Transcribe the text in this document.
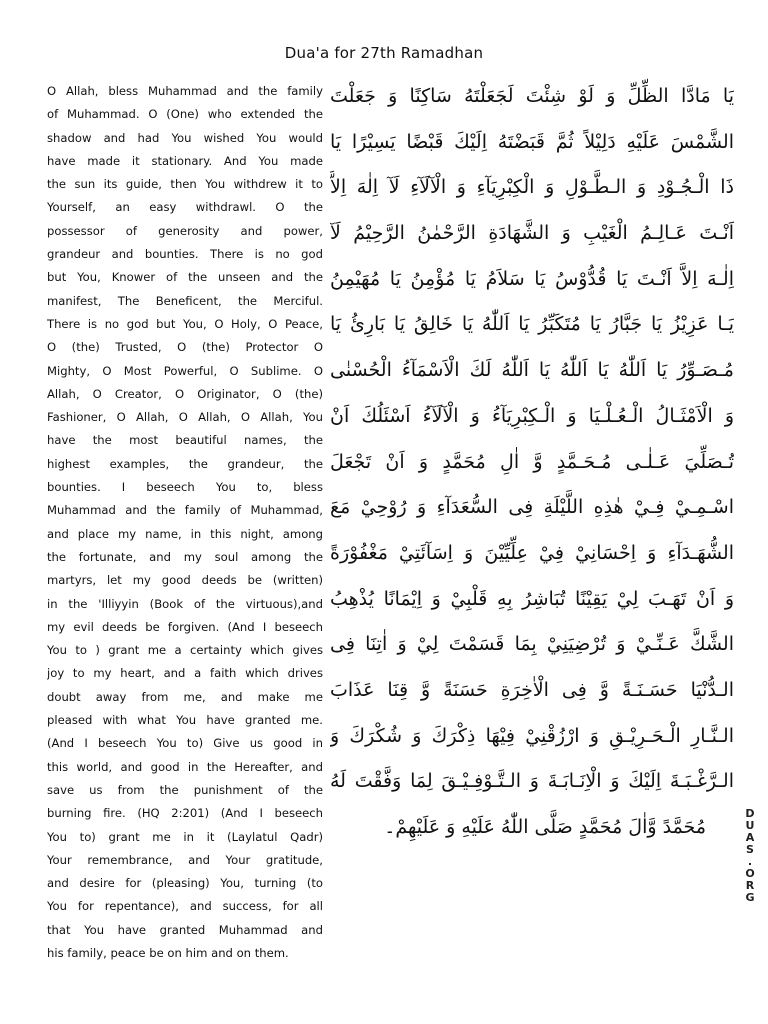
Dua'a for 27th Ramadhan
O Allah, bless Muhammad and the family
of Muhammad. O (One) who extended the
shadow and had You wished You would
have made it stationary. And You made
the sun its guide, then You withdrew it to
Yourself, an easy withdrawl. O the
possessor of generosity and power,
grandeur and bounties. There is no god
but You, Knower of the unseen and the
manifest, The Beneficent, the Merciful.
There is no god but You, O Holy, O Peace,
O (the) Trusted, O (the) Protector O
Mighty, O Most Powerful, O Sublime. O
Allah, O Creator, O Originator, O (the)
Fashioner, O Allah, O Allah, O Allah, You
have the most beautiful names, the
highest examples, the grandeur, the
bounties. I beseech You to, bless
Muhammad and the family of Muhammad,
and place my name, in this night, among
the fortunate, and my soul among the
martyrs, let my good deeds be (written)
in the 'Illiyyin (Book of the virtuous),and
my evil deeds be forgiven. (And I beseech
You to ) grant me a certainty which gives
joy to my heart, and a faith which drives
doubt away from me, and make me
pleased with what You have granted me.
(And I beseech You to) Give us good in
this world, and good in the Hereafter, and
save us from the punishment of the
burning fire. (HQ 2:201) (And I beseech
You to) grant me in it (Laylatul Qadr)
Your remembrance, and Your gratitude,
and desire for (pleasing) You, turning (to
You for repentance), and success, for all
that You have granted Muhammad and
his family, peace be on him and on them.
يَا مَادَّا الظِّلِّ وَ لَوْ شِئْتَ لَجَعَلْتَهُ سَاكِنًا وَ جَعَلْتَ
الشَّمْسَ عَلَيْهِ دَلِيْلاً ثُمَّ قَبَضْتَهُ اِلَيْكَ قَبْضًا يَسِيْرًا يَا
ذَا الْـجُـوْدِ وَ الـطَّـوْلِ وَ الْكِبْرِيَآءِ وَ الْآلَآءِ لَآ اِلٰهَ اِلاَّ
اَنْـتَ عَـالِـمُ الْغَيْبِ وَ الشَّهَادَةِ الرَّحْمٰنُ الرَّحِيْمُ لَآ
اِلٰـهَ اِلاَّ اَنْـتَ يَا قُدُّوْسُ يَا سَلاَمُ يَا مُؤْمِنُ يَا مُهَيْمِنُ
يَـا عَزِيْزُ يَا جَبَّارُ يَا مُتَكَبِّرُ يَا اَللّٰهُ يَا خَالِقُ يَا بَارِئُ يَا
مُـصَـوِّرُ يَا اَللّٰهُ يَا اَللّٰهُ يَا اَللّٰهُ لَكَ الْاَسْمَآءُ الْحُسْنٰى
وَ الْاَمْثَـالُ الْـعُـلْـيَا وَ الْـكِبْرِيَآءُ وَ الْآلَآءُ اَسْئَلُكَ اَنْ
تُـصَلِّيَ عَـلٰـى مُـحَـمَّدٍ وَّ اٰلِ مُحَمَّدٍ وَ اَنْ تَجْعَلَ
اسْـمِـيْ فِـيْ هٰذِهِ اللَّيْلَةِ فِى السُّعَدَآءِ وَ رُوْحِيْ مَعَ
الشُّهَـدَآءِ وَ اِحْسَانِيْ فِيْ عِلِّيِّيْنَ وَ اِسَآئَتِيْ مَغْفُوْرَةً
وَ اَنْ تَهَـبَ لِيْ يَقِيْنًا تُبَاشِرُ بِهِ قَلْبِيْ وَ اِيْمَانًا يُذْهِبُ
الشَّكَّ عَـنِّـيْ وَ تُرْضِيَنِيْ بِمَا قَسَمْتَ لِيْ وَ اٰتِنَا فِى
الـدُّنْيَا حَسَـنَـةً وَّ فِى الْاٰخِرَةِ حَسَنَةً وَّ قِنَا عَذَابَ
الـنَّـارِ الْـحَـرِيْـقِ وَ ارْزُقْنِيْ فِيْهَا ذِكْرَكَ وَ شُكْرَكَ وَ
الـرَّغْـبَـةَ اِلَيْكَ وَ الْاِنَـابَـةَ وَ الـتَّـوْفِـيْـقَ لِمَا وَفَّقْتَ لَهُ
مُحَمَّدً وَّاٰلَ مُحَمَّدٍ صَلَّى اللّٰهُ عَلَيْهِ وَ عَلَيْهِمْ۔
D
U
A
S
.
O
R
G
